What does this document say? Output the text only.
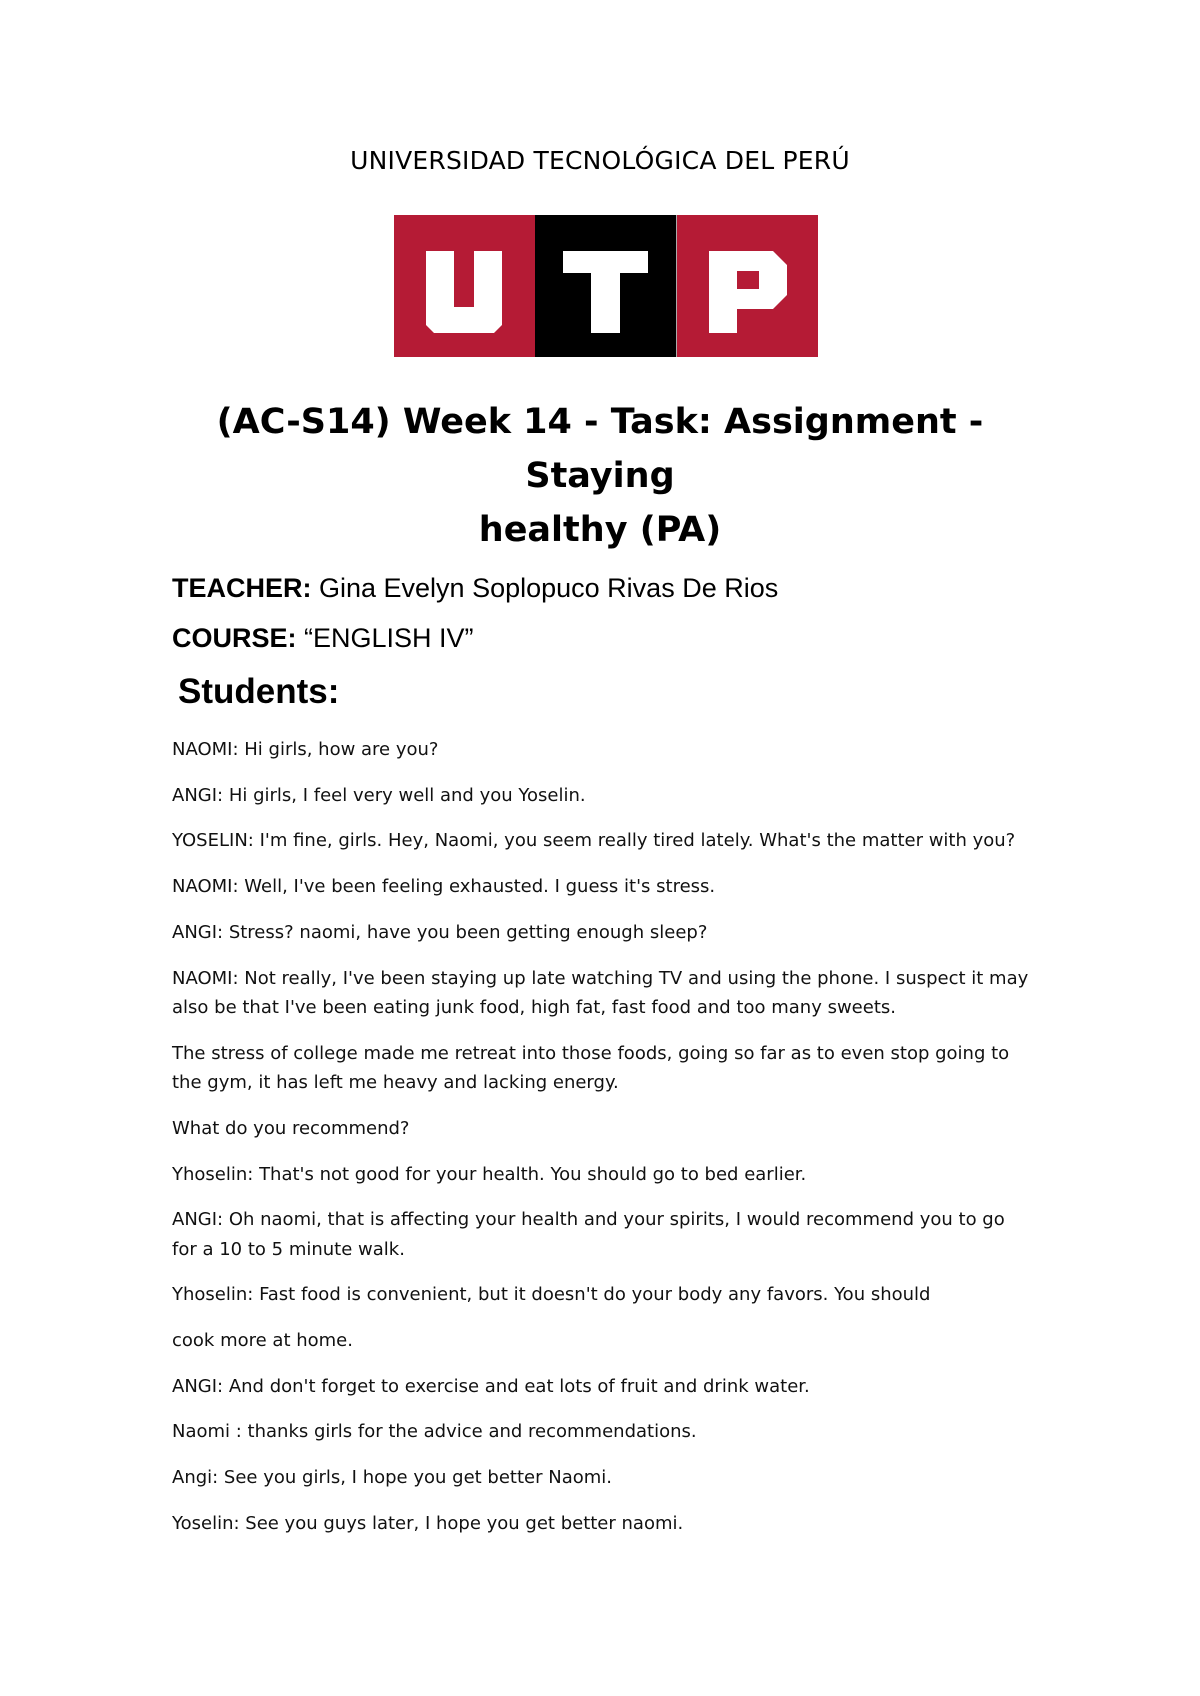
UNIVERSIDAD TECNOLÓGICA DEL PERÚ
(AC-S14) Week 14 - Task: Assignment - Staying
healthy (PA)
TEACHER: Gina Evelyn Soplopuco Rivas De Rios
COURSE: “ENGLISH IV”
Students:
NAOMI: Hi girls, how are you?
ANGI: Hi girls, I feel very well and you Yoselin.
YOSELIN: I'm fine, girls. Hey, Naomi, you seem really tired lately. What's the matter with you?
NAOMI: Well, I've been feeling exhausted. I guess it's stress.
ANGI: Stress? naomi, have you been getting enough sleep?
NAOMI: Not really, I've been staying up late watching TV and using the phone. I suspect it may
also be that I've been eating junk food, high fat, fast food and too many sweets.
The stress of college made me retreat into those foods, going so far as to even stop going to
the gym, it has left me heavy and lacking energy.
What do you recommend?
Yhoselin: That's not good for your health. You should go to bed earlier.
ANGI: Oh naomi, that is affecting your health and your spirits, I would recommend you to go
for a 10 to 5 minute walk.
Yhoselin: Fast food is convenient, but it doesn't do your body any favors. You should
cook more at home.
ANGI: And don't forget to exercise and eat lots of fruit and drink water.
Naomi : thanks girls for the advice and recommendations.
Angi: See you girls, I hope you get better Naomi.
Yoselin: See you guys later, I hope you get better naomi.
